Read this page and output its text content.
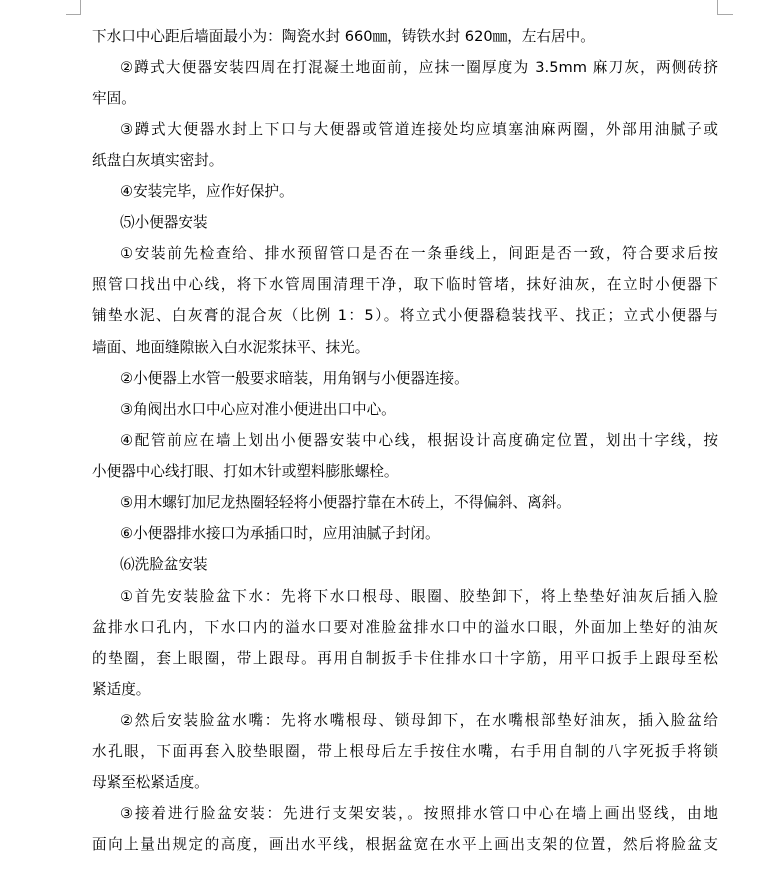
下水口中心距后墙面最小为：陶瓷水封 660㎜，铸铁水封 620㎜，左右居中。
②蹲式大便器安装四周在打混凝土地面前，应抹一圈厚度为 3.5mm 麻刀灰，两侧砖挤
牢固。
③蹲式大便器水封上下口与大便器或管道连接处均应填塞油麻两圈，外部用油腻子或
纸盘白灰填实密封。
④安装完毕，应作好保护。
⑸小便器安装
①安装前先检查给、排水预留管口是否在一条垂线上，间距是否一致，符合要求后按
照管口找出中心线，将下水管周围清理干净，取下临时管堵，抹好油灰，在立时小便器下
铺垫水泥、白灰膏的混合灰（比例 1：5）。将立式小便器稳装找平、找正；立式小便器与
墙面、地面缝隙嵌入白水泥浆抹平、抹光。
②小便器上水管一般要求暗装，用角钢与小便器连接。
③角阀出水口中心应对准小便进出口中心。
④配管前应在墙上划出小便器安装中心线，根据设计高度确定位置，划出十字线，按
小便器中心线打眼、打如木针或塑料膨胀螺栓。
⑤用木螺钉加尼龙热圈轻轻将小便器拧靠在木砖上，不得偏斜、离斜。
⑥小便器排水接口为承插口时，应用油腻子封闭。
⑹洗脸盆安装
①首先安装脸盆下水：先将下水口根母、眼圈、胶垫卸下，将上垫垫好油灰后插入脸
盆排水口孔内，下水口内的溢水口要对准脸盆排水口中的溢水口眼，外面加上垫好的油灰
的垫圈，套上眼圈，带上跟母。再用自制扳手卡住排水口十字筋，用平口扳手上跟母至松
紧适度。
②然后安装脸盆水嘴：先将水嘴根母、锁母卸下，在水嘴根部垫好油灰，插入脸盆给
水孔眼，下面再套入胶垫眼圈，带上根母后左手按住水嘴，右手用自制的八字死扳手将锁
母紧至松紧适度。
③接着进行脸盆安装：先进行支架安装，。按照排水管口中心在墙上画出竖线，由地
面向上量出规定的高度，画出水平线，根据盆宽在水平上画出支架的位置，然后将脸盆支
